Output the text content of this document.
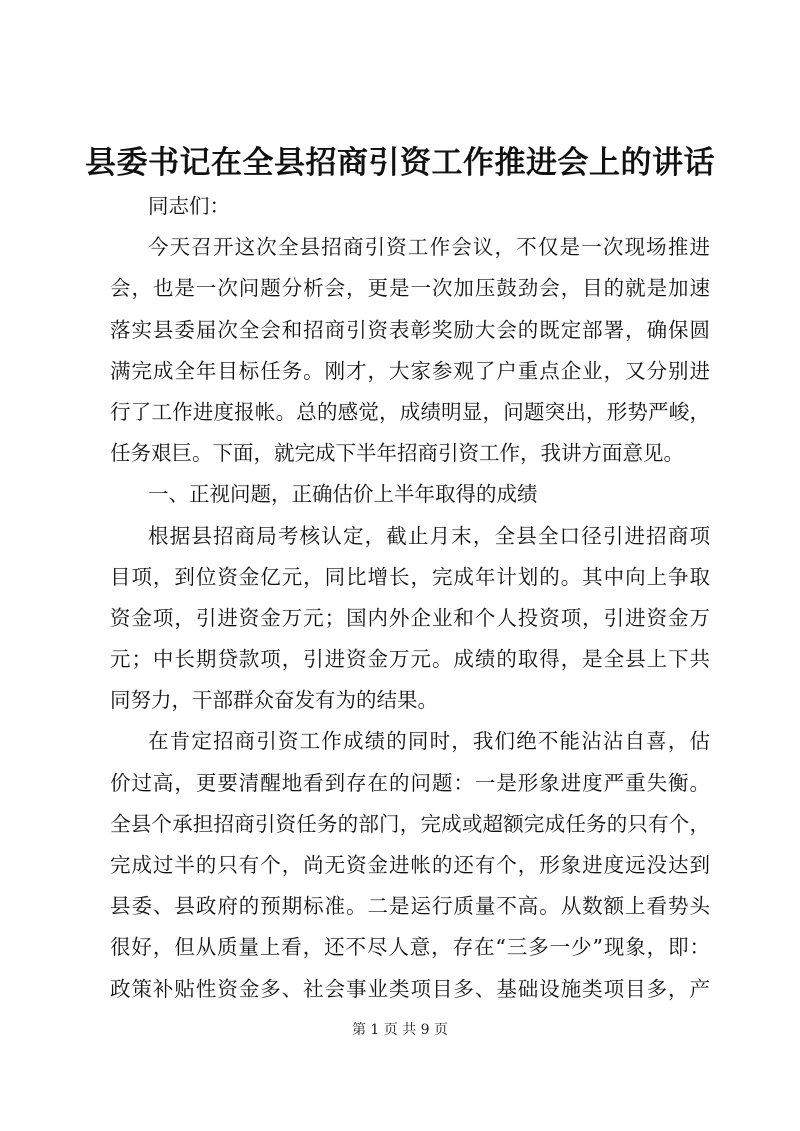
县委书记在全县招商引资工作推进会上的讲话
同志们：
今天召开这次全县招商引资工作会议，不仅是一次现场推进
会，也是一次问题分析会，更是一次加压鼓劲会，目的就是加速
落实县委届次全会和招商引资表彰奖励大会的既定部署，确保圆
满完成全年目标任务。刚才，大家参观了户重点企业，又分别进
行了工作进度报帐。总的感觉，成绩明显，问题突出，形势严峻，
任务艰巨。下面，就完成下半年招商引资工作，我讲方面意见。
一、正视问题，正确估价上半年取得的成绩
根据县招商局考核认定，截止月末，全县全口径引进招商项
目项，到位资金亿元，同比增长，完成年计划的。其中向上争取
资金项，引进资金万元；国内外企业和个人投资项，引进资金万
元；中长期贷款项，引进资金万元。成绩的取得，是全县上下共
同努力，干部群众奋发有为的结果。
在肯定招商引资工作成绩的同时，我们绝不能沾沾自喜，估
价过高，更要清醒地看到存在的问题：一是形象进度严重失衡。
全县个承担招商引资任务的部门，完成或超额完成任务的只有个，
完成过半的只有个，尚无资金进帐的还有个，形象进度远没达到
县委、县政府的预期标准。二是运行质量不高。从数额上看势头
很好，但从质量上看，还不尽人意，存在“三多一少”现象，即：
政策补贴性资金多、社会事业类项目多、基础设施类项目多，产
第 1 页 共 9 页
